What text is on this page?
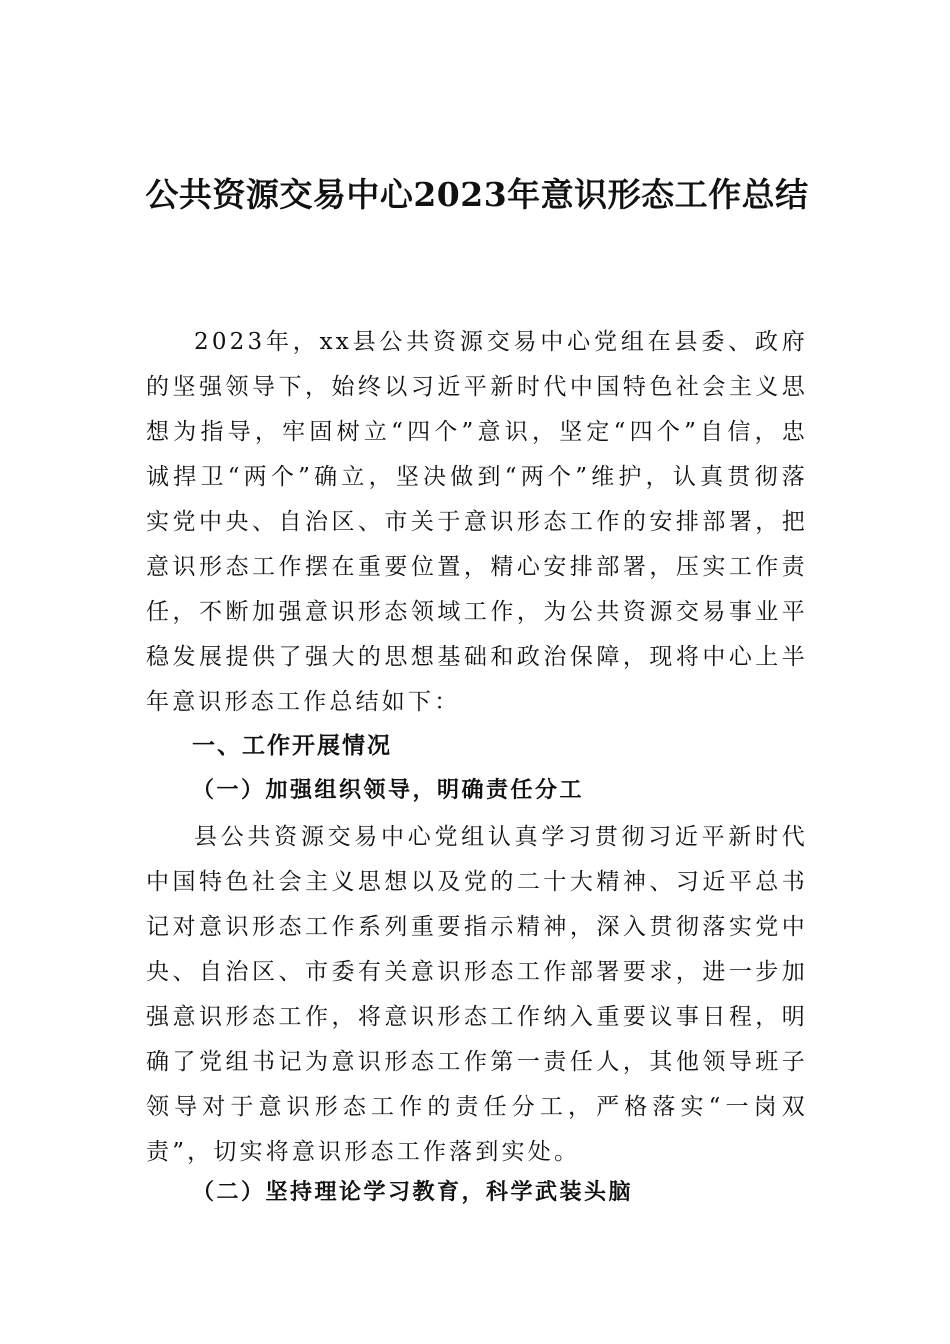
公共资源交易中心2023年意识形态工作总结

2023年，xx县公共资源交易中心党组在县委、政府的坚强领导下，始终以习近平新时代中国特色社会主义思想为指导，牢固树立“四个”意识，坚定“四个”自信，忠诚捍卫“两个”确立，坚决做到“两个”维护，认真贯彻落实党中央、自治区、市关于意识形态工作的安排部署，把意识形态工作摆在重要位置，精心安排部署，压实工作责任，不断加强意识形态领域工作，为公共资源交易事业平稳发展提供了强大的思想基础和政治保障，现将中心上半年意识形态工作总结如下：

一、工作开展情况
（一）加强组织领导，明确责任分工

县公共资源交易中心党组认真学习贯彻习近平新时代中国特色社会主义思想以及党的二十大精神、习近平总书记对意识形态工作系列重要指示精神，深入贯彻落实党中央、自治区、市委有关意识形态工作部署要求，进一步加强意识形态工作，将意识形态工作纳入重要议事日程，明确了党组书记为意识形态工作第一责任人，其他领导班子领导对于意识形态工作的责任分工，严格落实“一岗双责”，切实将意识形态工作落到实处。

（二）坚持理论学习教育，科学武装头脑
